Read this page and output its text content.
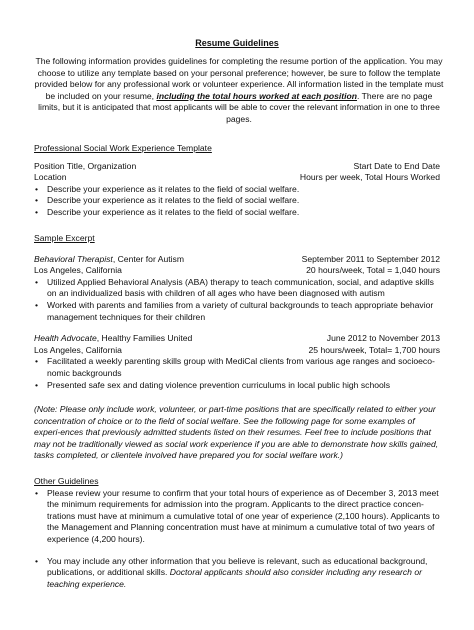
Resume Guidelines
The following information provides guidelines for completing the resume portion of the application. You may choose to utilize any template based on your personal preference; however, be sure to follow the template provided below for any professional work or volunteer experience. All information listed in the template must be included on your resume, including the total hours worked at each position. There are no page limits, but it is anticipated that most applicants will be able to cover the relevant information in one to three pages.
Professional Social Work Experience Template
Position Title, Organization	Start Date to End Date
Location	Hours per week, Total Hours Worked
• Describe your experience as it relates to the field of social welfare.
• Describe your experience as it relates to the field of social welfare.
• Describe your experience as it relates to the field of social welfare.
Sample Excerpt
Behavioral Therapist, Center for Autism	September 2011 to September 2012
Los Angeles, California	20 hours/week, Total = 1,040 hours
• Utilized Applied Behavioral Analysis (ABA) therapy to teach communication, social, and adaptive skills on an individualized basis with children of all ages who have been diagnosed with autism
• Worked with parents and families from a variety of cultural backgrounds to teach appropriate behavior management techniques for their children
Health Advocate, Healthy Families United	June 2012 to November 2013
Los Angeles, California	25 hours/week, Total= 1,700 hours
• Facilitated a weekly parenting skills group with MediCal clients from various age ranges and socioeco-nomic backgrounds
• Presented safe sex and dating violence prevention curriculums in local public high schools
(Note: Please only include work, volunteer, or part-time positions that are specifically related to either your concentration of choice or to the field of social welfare. See the following page for some examples of experi-ences that previously admitted students listed on their resumes. Feel free to include positions that may not be traditionally viewed as social work experience if you are able to demonstrate how skills gained, tasks completed, or clientele involved have prepared you for social welfare work.)
Other Guidelines
• Please review your resume to confirm that your total hours of experience as of December 3, 2013 meet the minimum requirements for admission into the program. Applicants to the direct practice concen-trations must have at minimum a cumulative total of one year of experience (2,100 hours). Applicants to the Management and Planning concentration must have at minimum a cumulative total of two years of experience (4,200 hours).
• You may include any other information that you believe is relevant, such as educational background, publications, or additional skills. Doctoral applicants should also consider including any research or teaching experience.
